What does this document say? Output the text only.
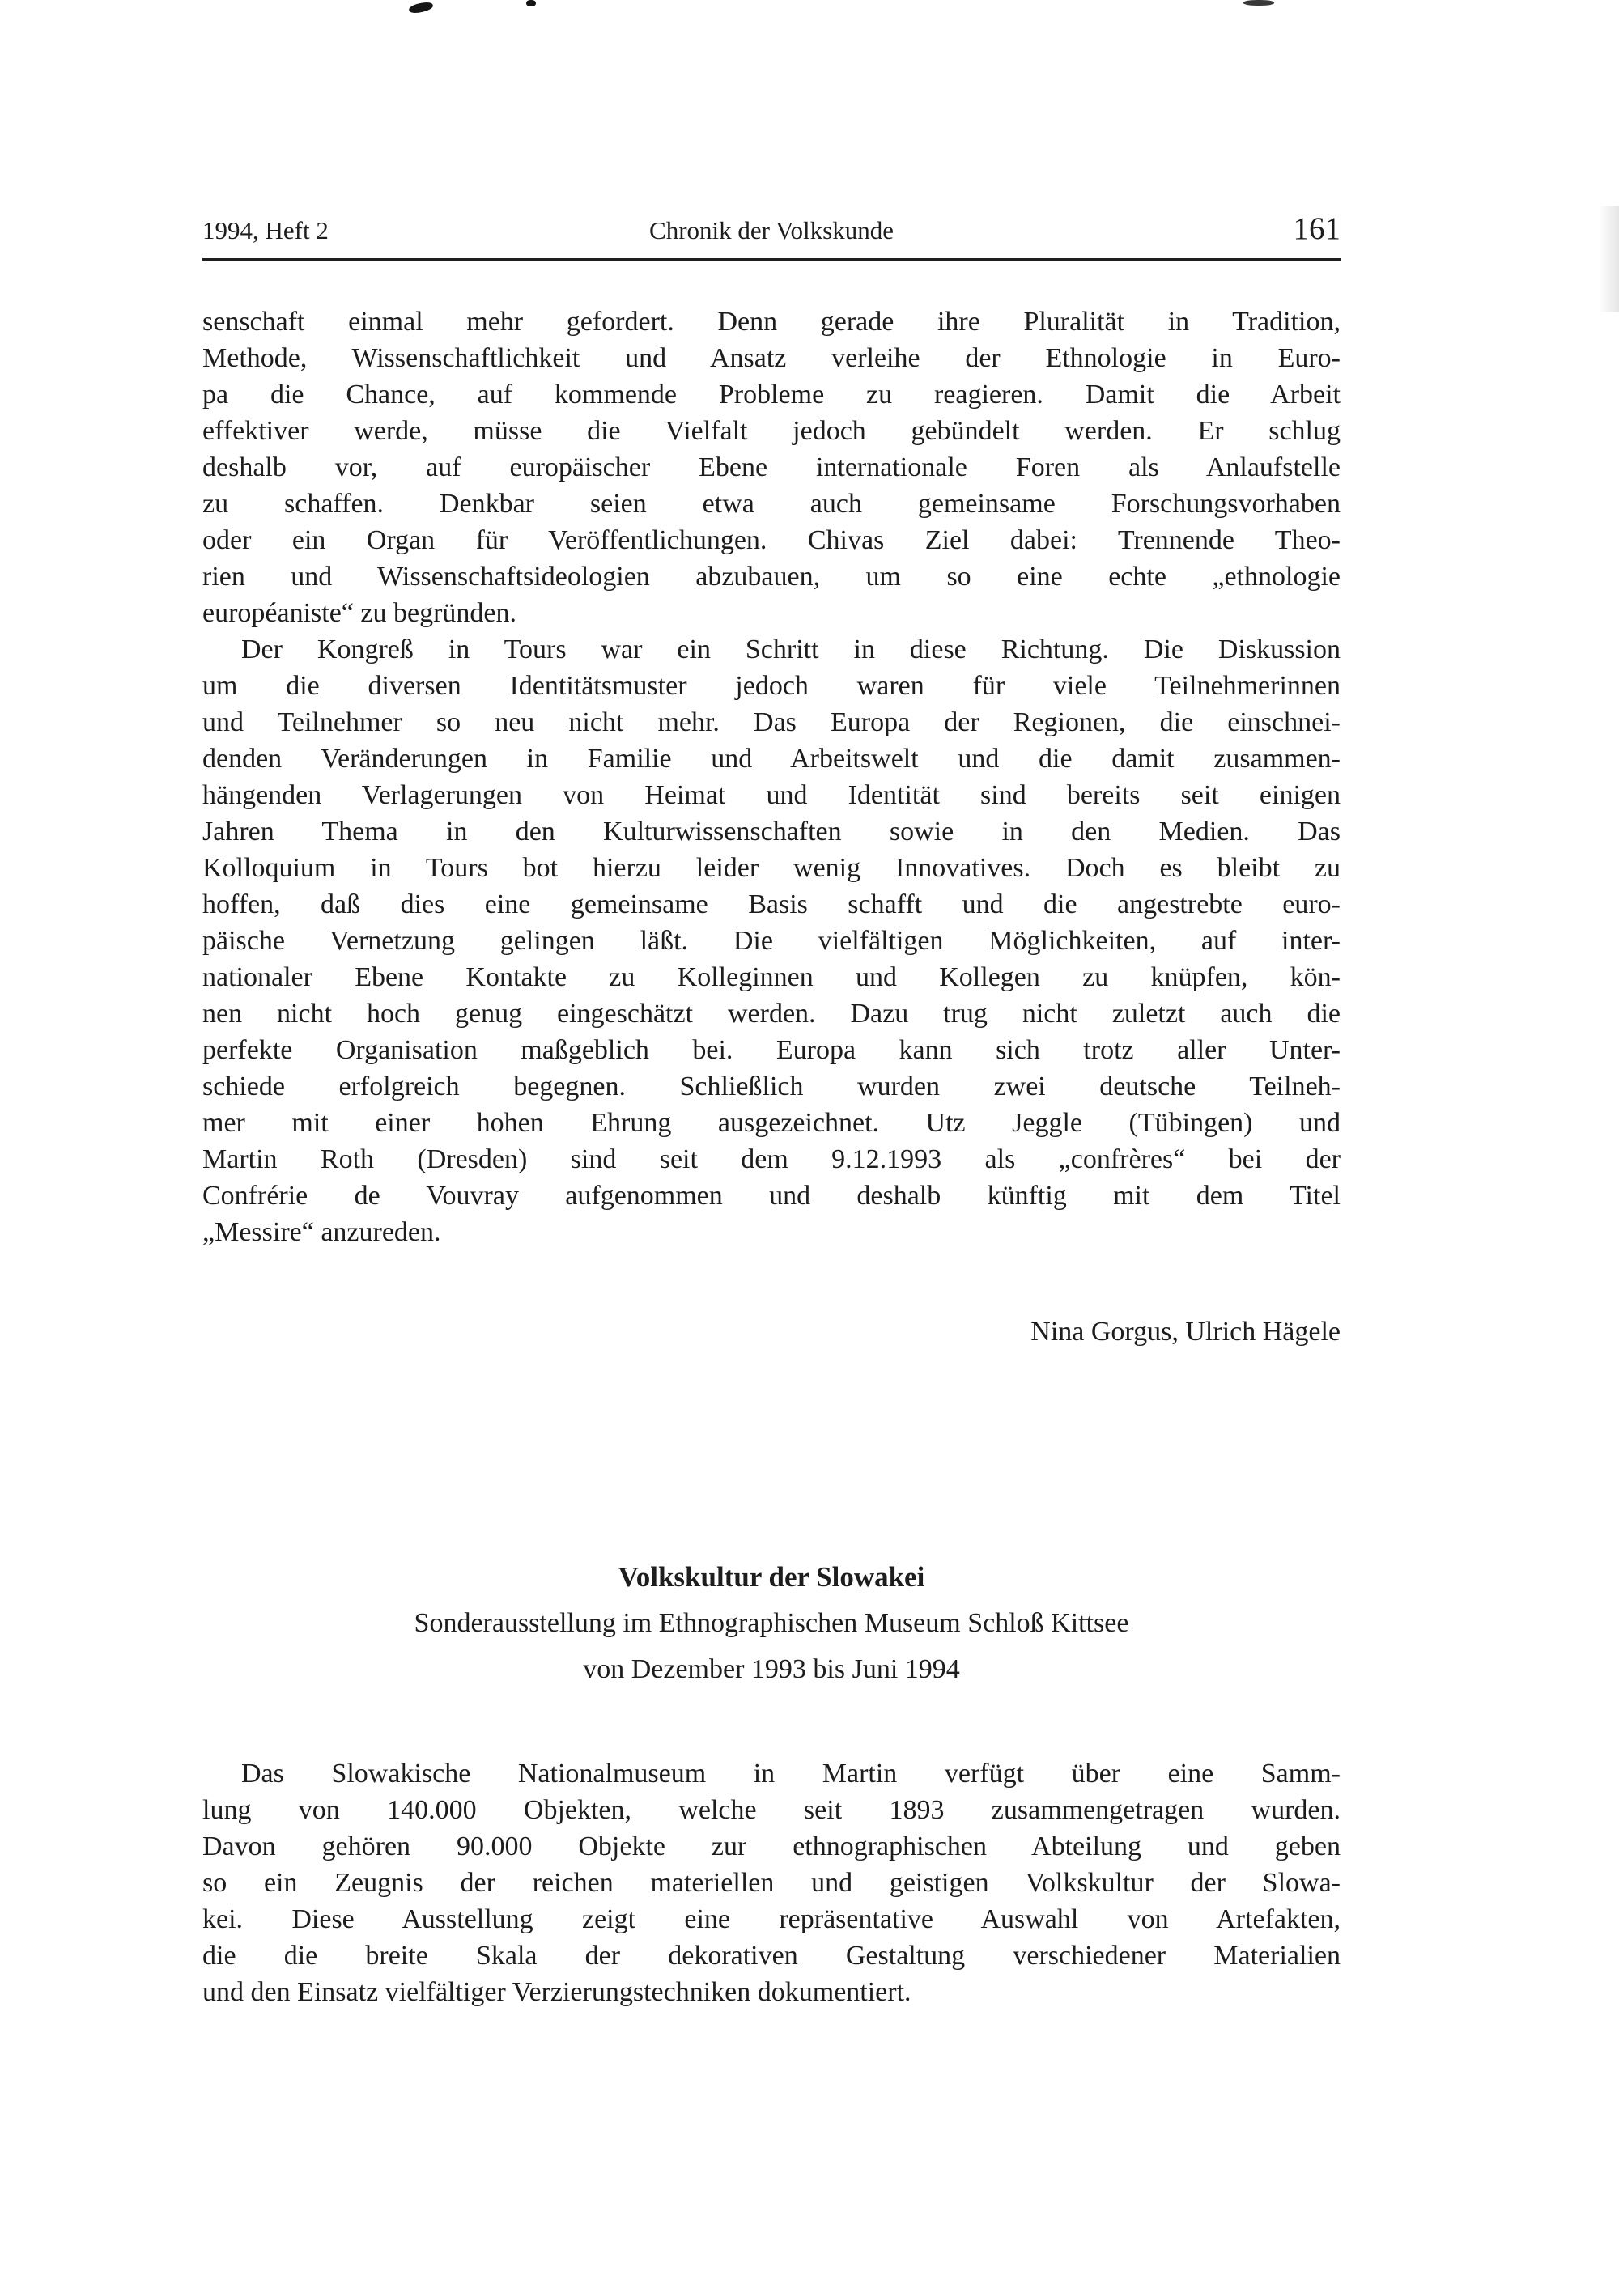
1994, Heft 2	Chronik der Volkskunde	161
senschaft einmal mehr gefordert. Denn gerade ihre Pluralität in Tradition,
Methode, Wissenschaftlichkeit und Ansatz verleihe der Ethnologie in Euro-
pa die Chance, auf kommende Probleme zu reagieren. Damit die Arbeit
effektiver werde, müsse die Vielfalt jedoch gebündelt werden. Er schlug
deshalb vor, auf europäischer Ebene internationale Foren als Anlaufstelle
zu schaffen. Denkbar seien etwa auch gemeinsame Forschungsvorhaben
oder ein Organ für Veröffentlichungen. Chivas Ziel dabei: Trennende Theo-
rien und Wissenschaftsideologien abzubauen, um so eine echte „ethnologie
européaniste“ zu begründen.
Der Kongreß in Tours war ein Schritt in diese Richtung. Die Diskussion
um die diversen Identitätsmuster jedoch waren für viele Teilnehmerinnen
und Teilnehmer so neu nicht mehr. Das Europa der Regionen, die einschnei-
denden Veränderungen in Familie und Arbeitswelt und die damit zusammen-
hängenden Verlagerungen von Heimat und Identität sind bereits seit einigen
Jahren Thema in den Kulturwissenschaften sowie in den Medien. Das
Kolloquium in Tours bot hierzu leider wenig Innovatives. Doch es bleibt zu
hoffen, daß dies eine gemeinsame Basis schafft und die angestrebte euro-
päische Vernetzung gelingen läßt. Die vielfältigen Möglichkeiten, auf inter-
nationaler Ebene Kontakte zu Kolleginnen und Kollegen zu knüpfen, kön-
nen nicht hoch genug eingeschätzt werden. Dazu trug nicht zuletzt auch die
perfekte Organisation maßgeblich bei. Europa kann sich trotz aller Unter-
schiede erfolgreich begegnen. Schließlich wurden zwei deutsche Teilneh-
mer mit einer hohen Ehrung ausgezeichnet. Utz Jeggle (Tübingen) und
Martin Roth (Dresden) sind seit dem 9.12.1993 als „confrères“ bei der
Confrérie de Vouvray aufgenommen und deshalb künftig mit dem Titel
„Messire“ anzureden.
Nina Gorgus, Ulrich Hägele
Volkskultur der Slowakei
Sonderausstellung im Ethnographischen Museum Schloß Kittsee
von Dezember 1993 bis Juni 1994
Das Slowakische Nationalmuseum in Martin verfügt über eine Samm-
lung von 140.000 Objekten, welche seit 1893 zusammengetragen wurden.
Davon gehören 90.000 Objekte zur ethnographischen Abteilung und geben
so ein Zeugnis der reichen materiellen und geistigen Volkskultur der Slowa-
kei. Diese Ausstellung zeigt eine repräsentative Auswahl von Artefakten,
die die breite Skala der dekorativen Gestaltung verschiedener Materialien
und den Einsatz vielfältiger Verzierungstechniken dokumentiert.
